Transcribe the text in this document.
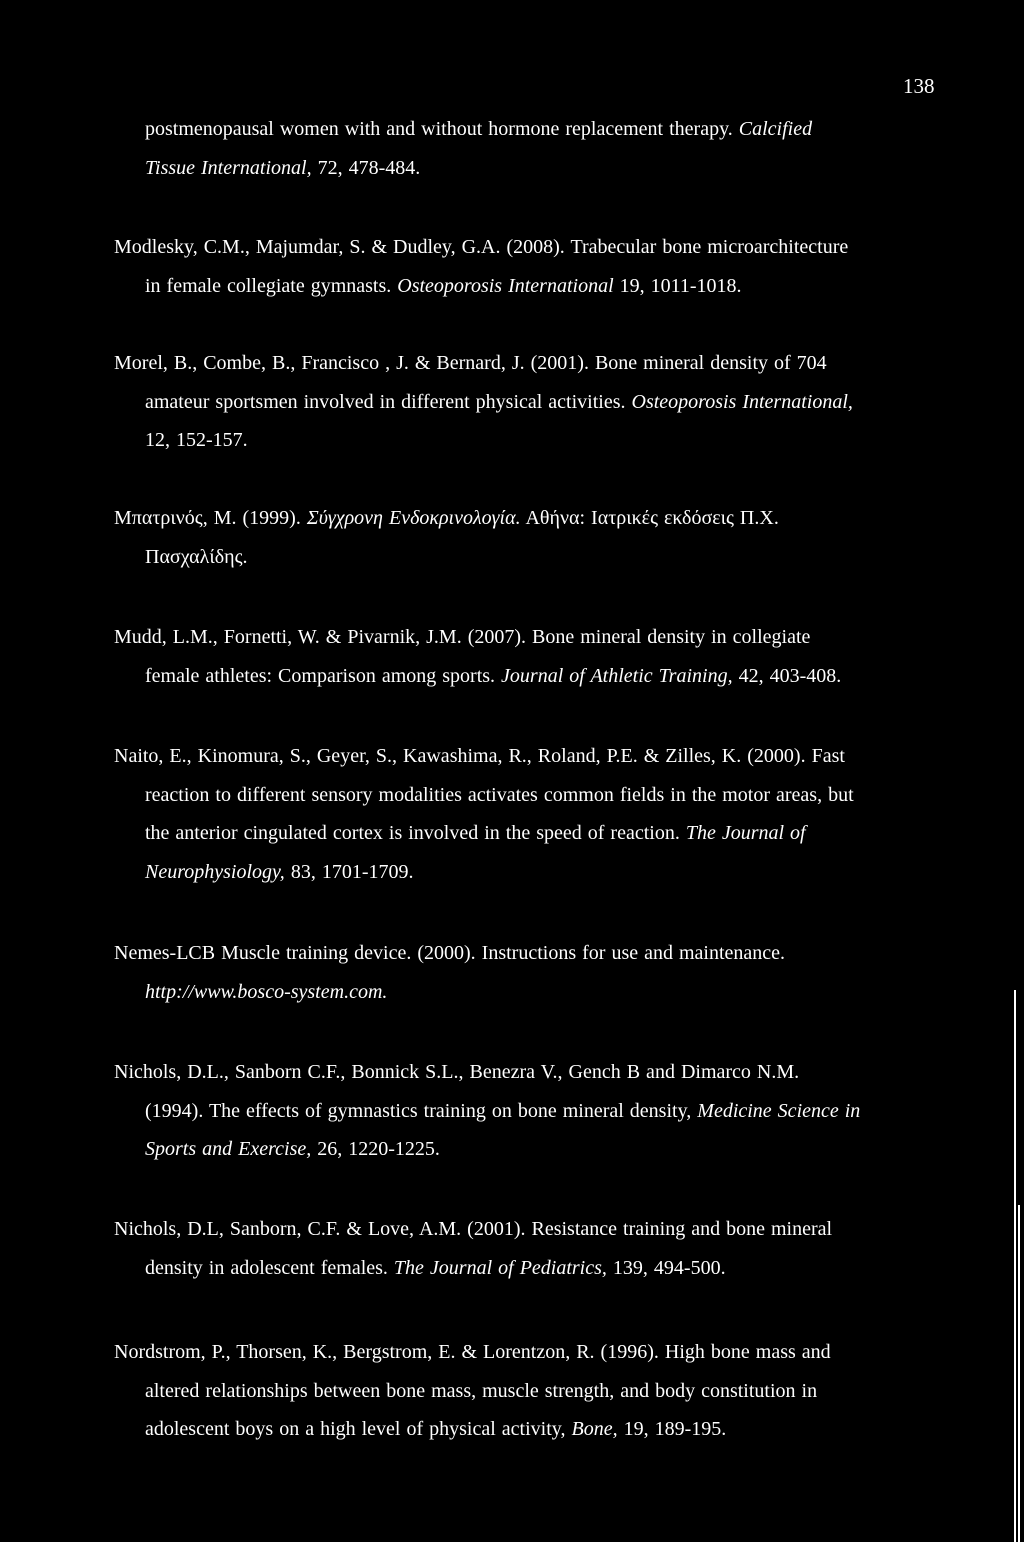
138
postmenopausal women with and without hormone replacement therapy. Calcified
Tissue International, 72, 478-484.
Modlesky, C.M., Majumdar, S. & Dudley, G.A. (2008). Trabecular bone microarchitecture
in female collegiate gymnasts. Osteoporosis International 19, 1011-1018.
Morel, B., Combe, B., Francisco , J. & Bernard, J. (2001). Bone mineral density of 704
amateur sportsmen involved in different physical activities. Osteoporosis International,
12, 152-157.
Μπατρινός, Μ. (1999). Σύγχρονη Ενδοκρινολογία. Αθήνα: Ιατρικές εκδόσεις Π.Χ.
Πασχαλίδης.
Mudd, L.M., Fornetti, W. & Pivarnik, J.M. (2007). Bone mineral density in collegiate
female athletes: Comparison among sports. Journal of Athletic Training, 42, 403-408.
Naito, E., Kinomura, S., Geyer, S., Kawashima, R., Roland, P.E. & Zilles, K. (2000). Fast
reaction to different sensory modalities activates common fields in the motor areas, but
the anterior cingulated cortex is involved in the speed of reaction. The Journal of
Neurophysiology, 83, 1701-1709.
Nemes-LCB Muscle training device. (2000). Instructions for use and maintenance.
http://www.bosco-system.com.
Nichols, D.L., Sanborn C.F., Bonnick S.L., Benezra V., Gench B and Dimarco N.M.
(1994). The effects of gymnastics training on bone mineral density, Medicine Science in
Sports and Exercise, 26, 1220-1225.
Nichols, D.L, Sanborn, C.F. & Love, A.M. (2001). Resistance training and bone mineral
density in adolescent females. The Journal of Pediatrics, 139, 494-500.
Nordstrom, P., Thorsen, K., Bergstrom, E. & Lorentzon, R. (1996). High bone mass and
altered relationships between bone mass, muscle strength, and body constitution in
adolescent boys on a high level of physical activity, Bone, 19, 189-195.
